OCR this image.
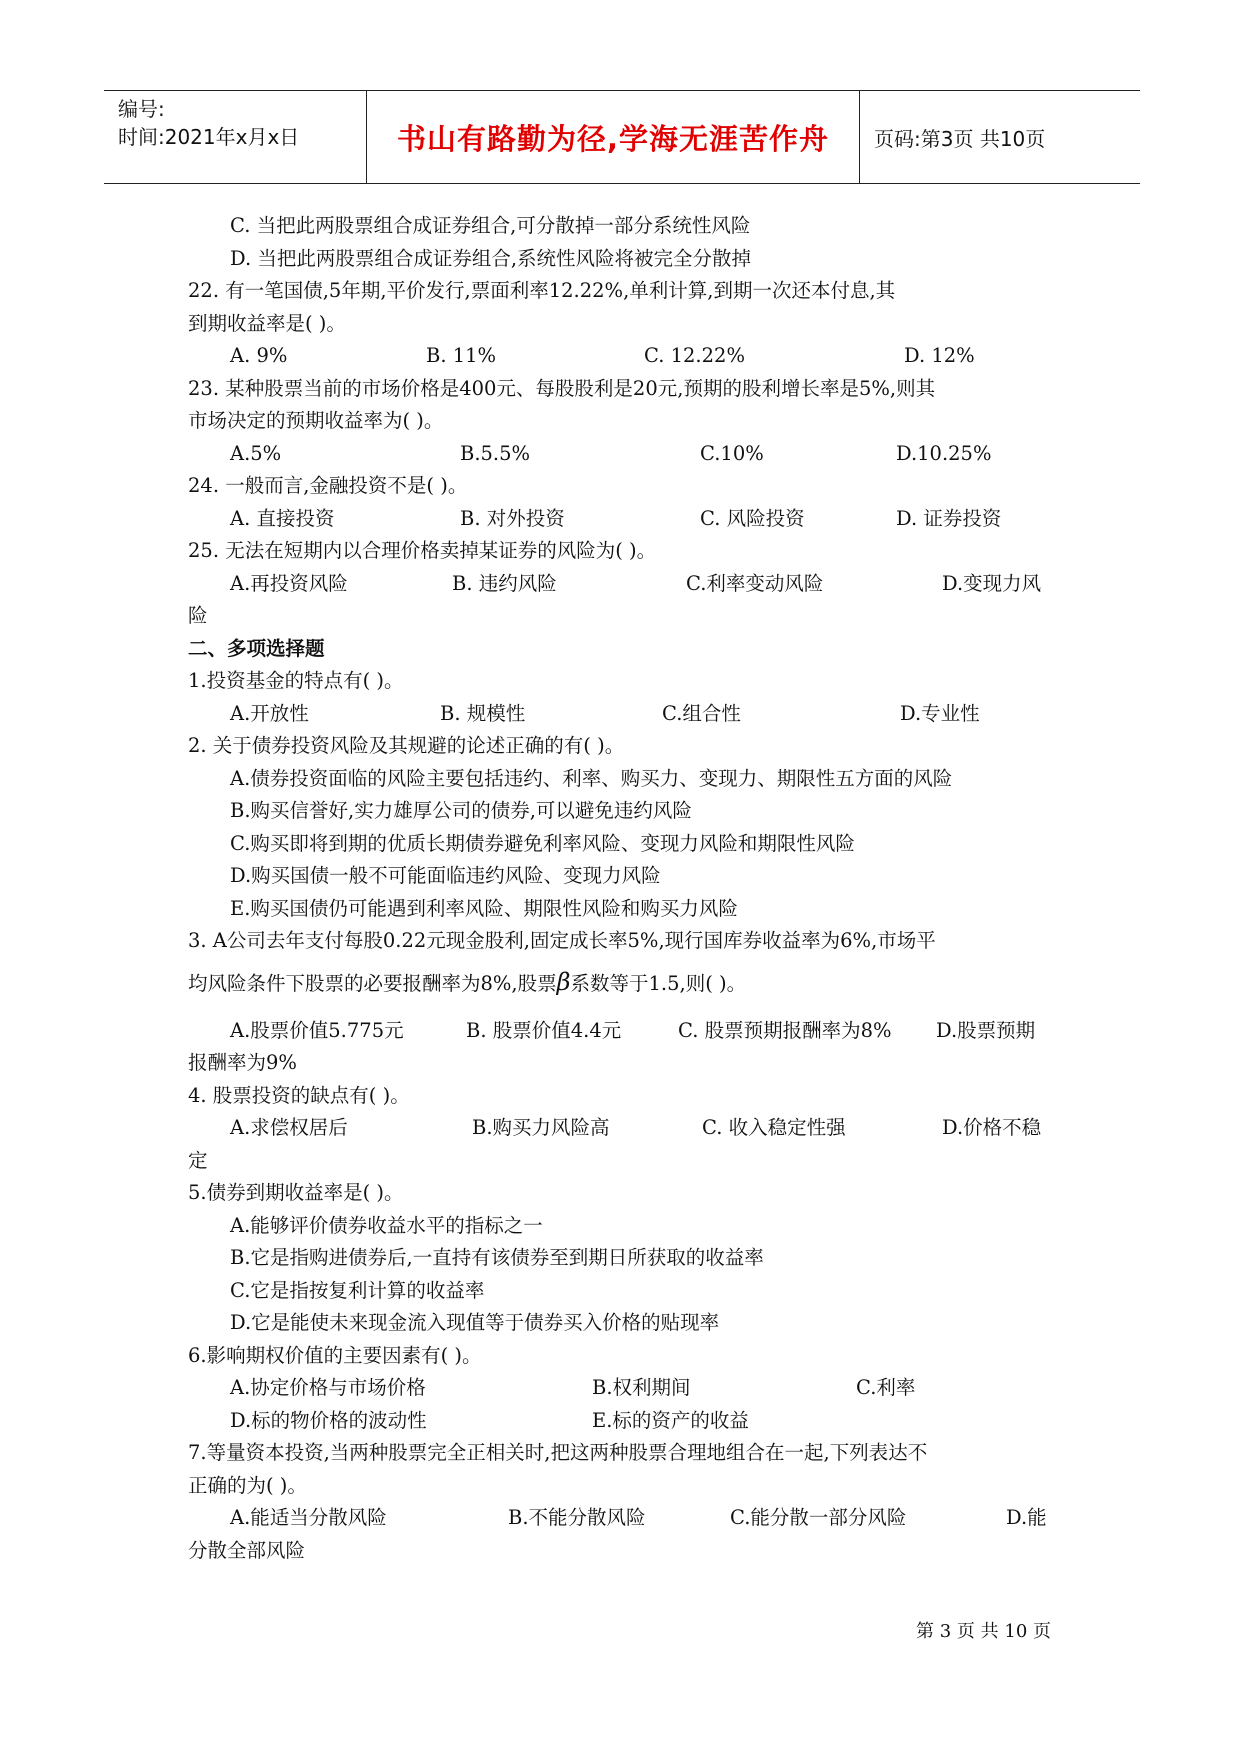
编号:
时间:2021年x月x日	书山有路勤为径,学海无涯苦作舟	页码:第3页 共10页
C. 当把此两股票组合成证券组合,可分散掉一部分系统性风险
D. 当把此两股票组合成证券组合,系统性风险将被完全分散掉
22. 有一笔国债,5年期,平价发行,票面利率12.22%,单利计算,到期一次还本付息,其
到期收益率是( )。
A. 9%	B. 11%	C. 12.22%	D. 12%
23. 某种股票当前的市场价格是400元、每股股利是20元,预期的股利增长率是5%,则其
市场决定的预期收益率为( )。
A.5%	B.5.5%	C.10%	D.10.25%
24. 一般而言,金融投资不是( )。
A. 直接投资	B. 对外投资	C. 风险投资	D. 证券投资
25. 无法在短期内以合理价格卖掉某证券的风险为( )。
A.再投资风险	B. 违约风险	C.利率变动风险	D.变现力风
险
二、多项选择题
1.投资基金的特点有( )。
A.开放性	B. 规模性	C.组合性	D.专业性
2. 关于债券投资风险及其规避的论述正确的有( )。
A.债券投资面临的风险主要包括违约、利率、购买力、变现力、期限性五方面的风险
B.购买信誉好,实力雄厚公司的债券,可以避免违约风险
C.购买即将到期的优质长期债券避免利率风险、变现力风险和期限性风险
D.购买国债一般不可能面临违约风险、变现力风险
E.购买国债仍可能遇到利率风险、期限性风险和购买力风险
3. A公司去年支付每股0.22元现金股利,固定成长率5%,现行国库券收益率为6%,市场平
均风险条件下股票的必要报酬率为8%,股票β系数等于1.5,则( )。
A.股票价值5.775元	B. 股票价值4.4元	C. 股票预期报酬率为8%	D.股票预期
报酬率为9%
4. 股票投资的缺点有( )。
A.求偿权居后	B.购买力风险高	C. 收入稳定性强	D.价格不稳
定
5.债券到期收益率是( )。
A.能够评价债券收益水平的指标之一
B.它是指购进债券后,一直持有该债券至到期日所获取的收益率
C.它是指按复利计算的收益率
D.它是能使未来现金流入现值等于债券买入价格的贴现率
6.影响期权价值的主要因素有( )。
A.协定价格与市场价格	B.权利期间	C.利率
D.标的物价格的波动性	E.标的资产的收益
7.等量资本投资,当两种股票完全正相关时,把这两种股票合理地组合在一起,下列表达不
正确的为( )。
A.能适当分散风险	B.不能分散风险	C.能分散一部分风险	D.能
分散全部风险
第 3 页 共 10 页
